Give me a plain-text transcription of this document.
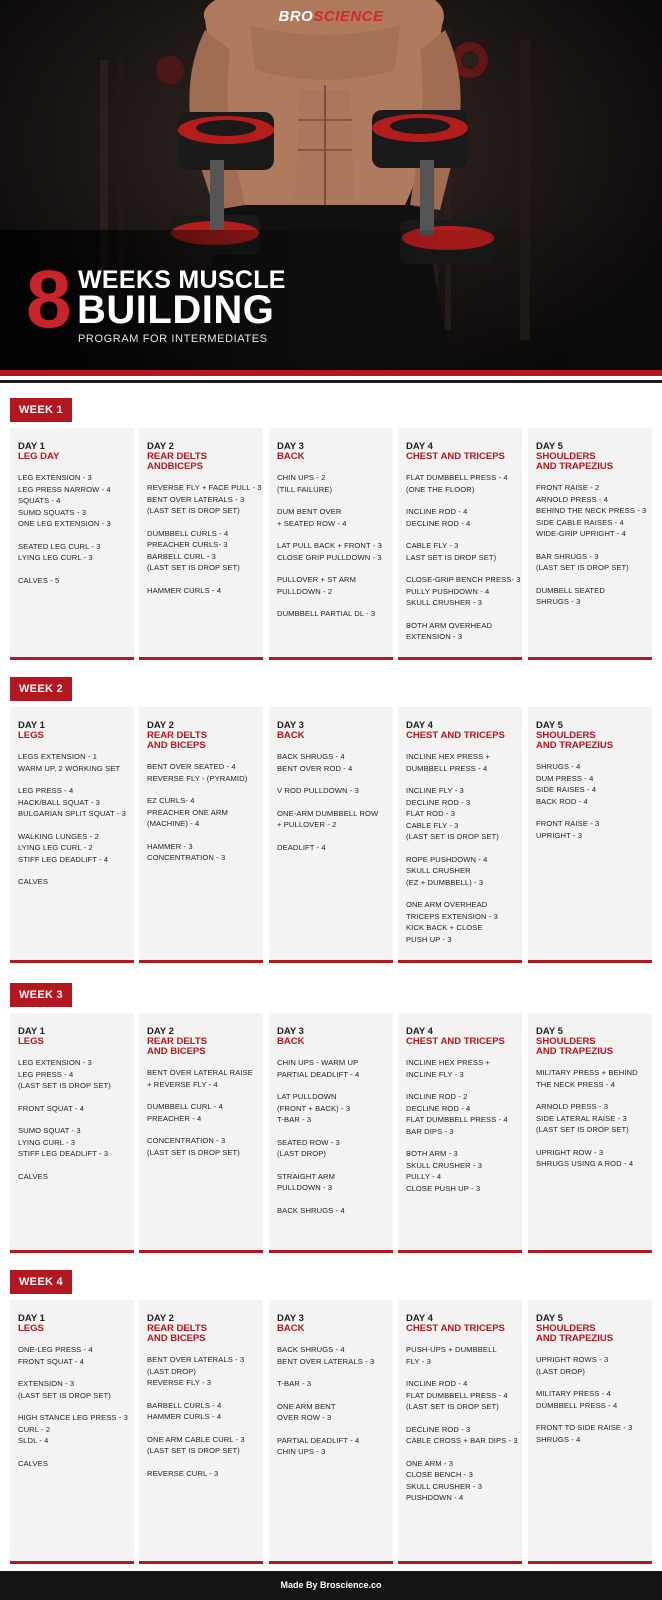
BROSCIENCE
8 WEEKS MUSCLE
BUILDING
PROGRAM FOR INTERMEDIATES
WEEK 1
DAY 1
LEG DAY
LEG EXTENSION - 3
LEG PRESS NARROW - 4
SQUATS - 4
SUMO SQUATS - 3
ONE LEG EXTENSION - 3
SEATED LEG CURL - 3
LYING LEG CURL - 3
CALVES - 5
DAY 2
REAR DELTS
ANDBICEPS
REVERSE FLY + FACE PULL - 3
BENT OVER LATERALS - 3
(LAST SET IS DROP SET)
DUMBBELL CURLS - 4
PREACHER CURLS- 3
BARBELL CURL - 3
(LAST SET IS DROP SET)
HAMMER CURLS - 4
DAY 3
BACK
CHIN UPS - 2
(TILL FAILURE)
DUM BENT OVER
+ SEATED ROW - 4
LAT PULL BACK + FRONT - 3
CLOSE GRIP PULLDOWN - 3
PULLOVER + ST ARM
PULLDOWN - 2
DUMBBELL PARTIAL DL - 3
DAY 4
CHEST AND TRICEPS
FLAT DUMBBELL PRESS - 4
(ONE THE FLOOR)
INCLINE ROD - 4
DECLINE ROD - 4
CABLE FLY - 3
LAST SET IS DROP SET)
CLOSE-GRIP BENCH PRESS- 3
PULLY PUSHDOWN - 4
SKULL CRUSHER - 3
BOTH ARM OVERHEAD
EXTENSION - 3
DAY 5
SHOULDERS
AND TRAPEZIUS
FRONT RAISE - 2
ARNOLD PRESS - 4
BEHIND THE NECK PRESS - 3
SIDE CABLE RAISES - 4
WIDE-GRIP UPRIGHT - 4
BAR SHRUGS - 3
(LAST SET IS DROP SET)
DUMBELL SEATED
SHRUGS - 3
WEEK 2
DAY 1
LEGS
LEGS EXTENSION - 1
WARM UP, 2 WORKING SET
LEG PRESS - 4
HACK/BALL SQUAT - 3
BULGARIAN SPLIT SQUAT - 3
WALKING LUNGES - 2
LYING LEG CURL - 2
STIFF LEG DEADLIFT - 4
CALVES
DAY 2
REAR DELTS
AND BICEPS
BENT OVER SEATED - 4
REVERSE FLY - (PYRAMID)
EZ CURLS- 4
PREACHER ONE ARM
(MACHINE) - 4
HAMMER - 3
CONCENTRATION - 3
DAY 3
BACK
BACK SHRUGS - 4
BENT OVER ROD - 4
V ROD PULLDOWN - 3
ONE-ARM DUMBBELL ROW
+ PULLOVER - 2
DEADLIFT - 4
DAY 4
CHEST AND TRICEPS
INCLINE HEX PRESS +
DUMBBELL PRESS - 4
INCLINE FLY - 3
DECLINE ROD - 3
FLAT ROD - 3
CABLE FLY - 3
(LAST SET IS DROP SET)
ROPE PUSHDOWN - 4
SKULL CRUSHER
(EZ + DUMBBELL) - 3
ONE ARM OVERHEAD
TRICEPS EXTENSION - 3
KICK BACK + CLOSE
PUSH UP - 3
DAY 5
SHOULDERS
AND TRAPEZIUS
SHRUGS - 4
DUM PRESS - 4
SIDE RAISES - 4
BACK ROD - 4
FRONT RAISE - 3
UPRIGHT - 3
WEEK 3
DAY 1
LEGS
LEG EXTENSION - 3
LEG PRESS - 4
(LAST SET IS DROP SET)
FRONT SQUAT - 4
SUMO SQUAT - 3
LYING CURL - 3
STIFF LEG DEADLIFT - 3
CALVES
DAY 2
REAR DELTS
AND BICEPS
BENT OVER LATERAL RAISE
+ REVERSE FLY - 4
DUMBBELL CURL - 4
PREACHER - 4
CONCENTRATION - 3
(LAST SET IS DROP SET)
DAY 3
BACK
CHIN UPS - WARM UP
PARTIAL DEADLIFT - 4
LAT PULLDOWN
(FRONT + BACK) - 3
T-BAR - 3
SEATED ROW - 3
(LAST DROP)
STRAIGHT ARM
PULLDOWN - 3
BACK SHRUGS - 4
DAY 4
CHEST AND TRICEPS
INCLINE HEX PRESS +
INCLINE FLY - 3
INCLINE ROD - 2
DECLINE ROD - 4
FLAT DUMBBELL PRESS - 4
BAR DIPS - 3
BOTH ARM - 3
SKULL CRUSHER - 3
PULLY - 4
CLOSE PUSH UP - 3
DAY 5
SHOULDERS
AND TRAPEZIUS
MILITARY PRESS + BEHIND
THE NECK PRESS - 4
ARNOLD PRESS - 3
SIDE LATERAL RAISE - 3
(LAST SET IS DROP SET)
UPRIGHT ROW - 3
SHRUGS USING A ROD - 4
WEEK 4
DAY 1
LEGS
ONE-LEG PRESS - 4
FRONT SQUAT - 4
EXTENSION - 3
(LAST SET IS DROP SET)
HIGH STANCE LEG PRESS - 3
CURL - 2
SLDL - 4
CALVES
DAY 2
REAR DELTS
AND BICEPS
BENT OVER LATERALS - 3
(LAST DROP)
REVERSE FLY - 3
BARBELL CURLS - 4
HAMMER CURLS - 4
ONE ARM CABLE CURL - 3
(LAST SET IS DROP SET)
REVERSE CURL - 3
DAY 3
BACK
BACK SHRUGS - 4
BENT OVER LATERALS - 3
T-BAR - 3
ONE ARM BENT
OVER ROW - 3
PARTIAL DEADLIFT - 4
CHIN UPS - 3
DAY 4
CHEST AND TRICEPS
PUSH-UPS + DUMBBELL
FLY - 3
INCLINE ROD - 4
FLAT DUMBBELL PRESS - 4
(LAST SET IS DROP SET)
DECLINE ROD - 3
CABLE CROSS + BAR DIPS - 3
ONE ARM - 3
CLOSE BENCH - 3
SKULL CRUSHER - 3
PUSHDOWN - 4
DAY 5
SHOULDERS
AND TRAPEZIUS
UPRIGHT ROWS - 3
(LAST DROP)
MILITARY PRESS - 4
DUMBBELL PRESS - 4
FRONT TO SIDE RAISE - 3
SHRUGS - 4
Made By Broscience.co
